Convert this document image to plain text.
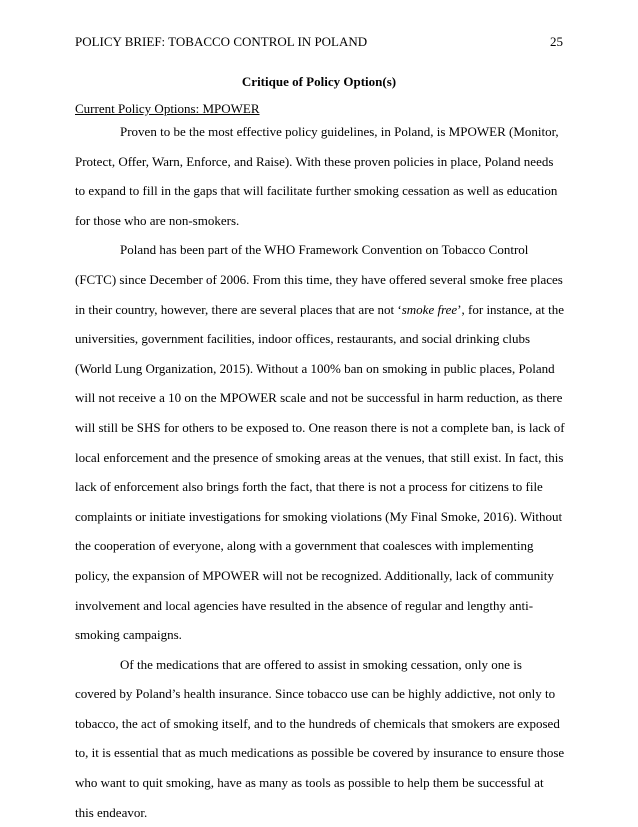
POLICY BRIEF: TOBACCO CONTROL IN POLAND	25
Critique of Policy Option(s)
Current Policy Options: MPOWER

Proven to be the most effective policy guidelines, in Poland, is MPOWER (Monitor, Protect, Offer, Warn, Enforce, and Raise). With these proven policies in place, Poland needs to expand to fill in the gaps that will facilitate further smoking cessation as well as education for those who are non-smokers.

Poland has been part of the WHO Framework Convention on Tobacco Control (FCTC) since December of 2006. From this time, they have offered several smoke free places in their country, however, there are several places that are not ‘smoke free’, for instance, at the universities, government facilities, indoor offices, restaurants, and social drinking clubs (World Lung Organization, 2015). Without a 100% ban on smoking in public places, Poland will not receive a 10 on the MPOWER scale and not be successful in harm reduction, as there will still be SHS for others to be exposed to. One reason there is not a complete ban, is lack of local enforcement and the presence of smoking areas at the venues, that still exist. In fact, this lack of enforcement also brings forth the fact, that there is not a process for citizens to file complaints or initiate investigations for smoking violations (My Final Smoke, 2016). Without the cooperation of everyone, along with a government that coalesces with implementing policy, the expansion of MPOWER will not be recognized. Additionally, lack of community involvement and local agencies have resulted in the absence of regular and lengthy anti-smoking campaigns.

Of the medications that are offered to assist in smoking cessation, only one is covered by Poland’s health insurance. Since tobacco use can be highly addictive, not only to tobacco, the act of smoking itself, and to the hundreds of chemicals that smokers are exposed to, it is essential that as much medications as possible be covered by insurance to ensure those who want to quit smoking, have as many as tools as possible to help them be successful at this endeavor.
